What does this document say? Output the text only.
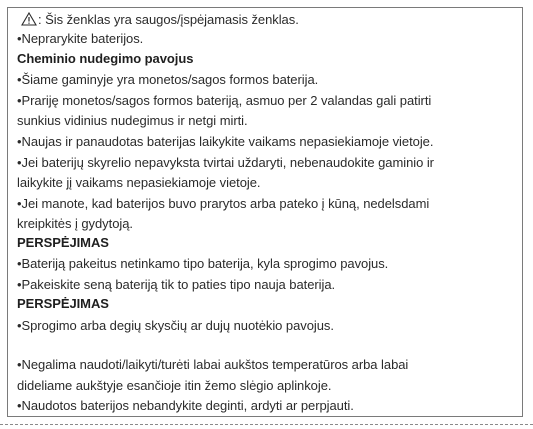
: Šis ženklas yra saugos/įspėjamasis ženklas.
•Neprarykite baterijos.
Cheminio nudegimo pavojus
•Šiame gaminyje yra monetos/sagos formos baterija.
•Prariję monetos/sagos formos bateriją, asmuo per 2 valandas gali patirti
sunkius vidinius nudegimus ir netgi mirti.
•Naujas ir panaudotas baterijas laikykite vaikams nepasiekiamoje vietoje.
•Jei baterijų skyrelio nepavyksta tvirtai uždaryti, nebenaudokite gaminio ir
laikykite jį vaikams nepasiekiamoje vietoje.
•Jei manote, kad baterijos buvo prarytos arba pateko į kūną, nedelsdami
kreipkitės į gydytoją.
PERSPĖJIMAS
•Bateriją pakeitus netinkamo tipo baterija, kyla sprogimo pavojus.
•Pakeiskite seną bateriją tik to paties tipo nauja baterija.
PERSPĖJIMAS
•Sprogimo arba degių skysčių ar dujų nuotėkio pavojus.
•Negalima naudoti/laikyti/turėti labai aukštos temperatūros arba labai
dideliame aukštyje esančioje itin žemo slėgio aplinkoje.
•Naudotos baterijos nebandykite deginti, ardyti ar perpjauti.
